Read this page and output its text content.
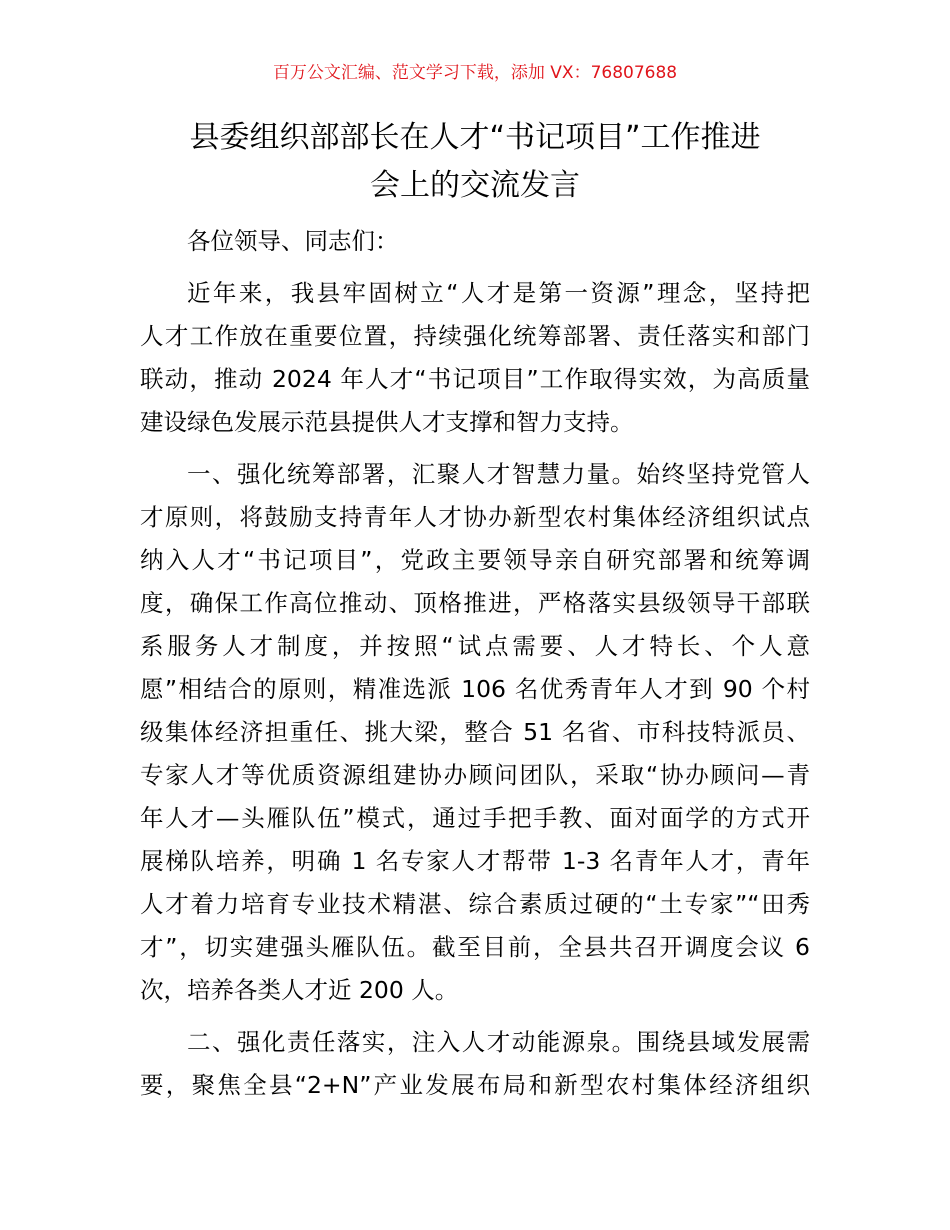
百万公文汇编、范文学习下载，添加 VX：76807688
县委组织部部长在人才“书记项目”工作推进
会上的交流发言
各位领导、同志们：
近年来，我县牢固树立“人才是第一资源”理念，坚持把
人才工作放在重要位置，持续强化统筹部署、责任落实和部门
联动，推动 2024 年人才“书记项目”工作取得实效，为高质量
建设绿色发展示范县提供人才支撑和智力支持。
一、强化统筹部署，汇聚人才智慧力量。始终坚持党管人
才原则，将鼓励支持青年人才协办新型农村集体经济组织试点
纳入人才“书记项目”，党政主要领导亲自研究部署和统筹调
度，确保工作高位推动、顶格推进，严格落实县级领导干部联
系服务人才制度，并按照“试点需要、人才特长、个人意
愿”相结合的原则，精准选派 106 名优秀青年人才到 90 个村
级集体经济担重任、挑大梁，整合 51 名省、市科技特派员、
专家人才等优质资源组建协办顾问团队，采取“协办顾问—青
年人才—头雁队伍”模式，通过手把手教、面对面学的方式开
展梯队培养，明确 1 名专家人才帮带 1-3 名青年人才，青年
人才着力培育专业技术精湛、综合素质过硬的“土专家”“田秀
才”，切实建强头雁队伍。截至目前，全县共召开调度会议 6
次，培养各类人才近 200 人。
二、强化责任落实，注入人才动能源泉。围绕县域发展需
要，聚焦全县“2+N”产业发展布局和新型农村集体经济组织
